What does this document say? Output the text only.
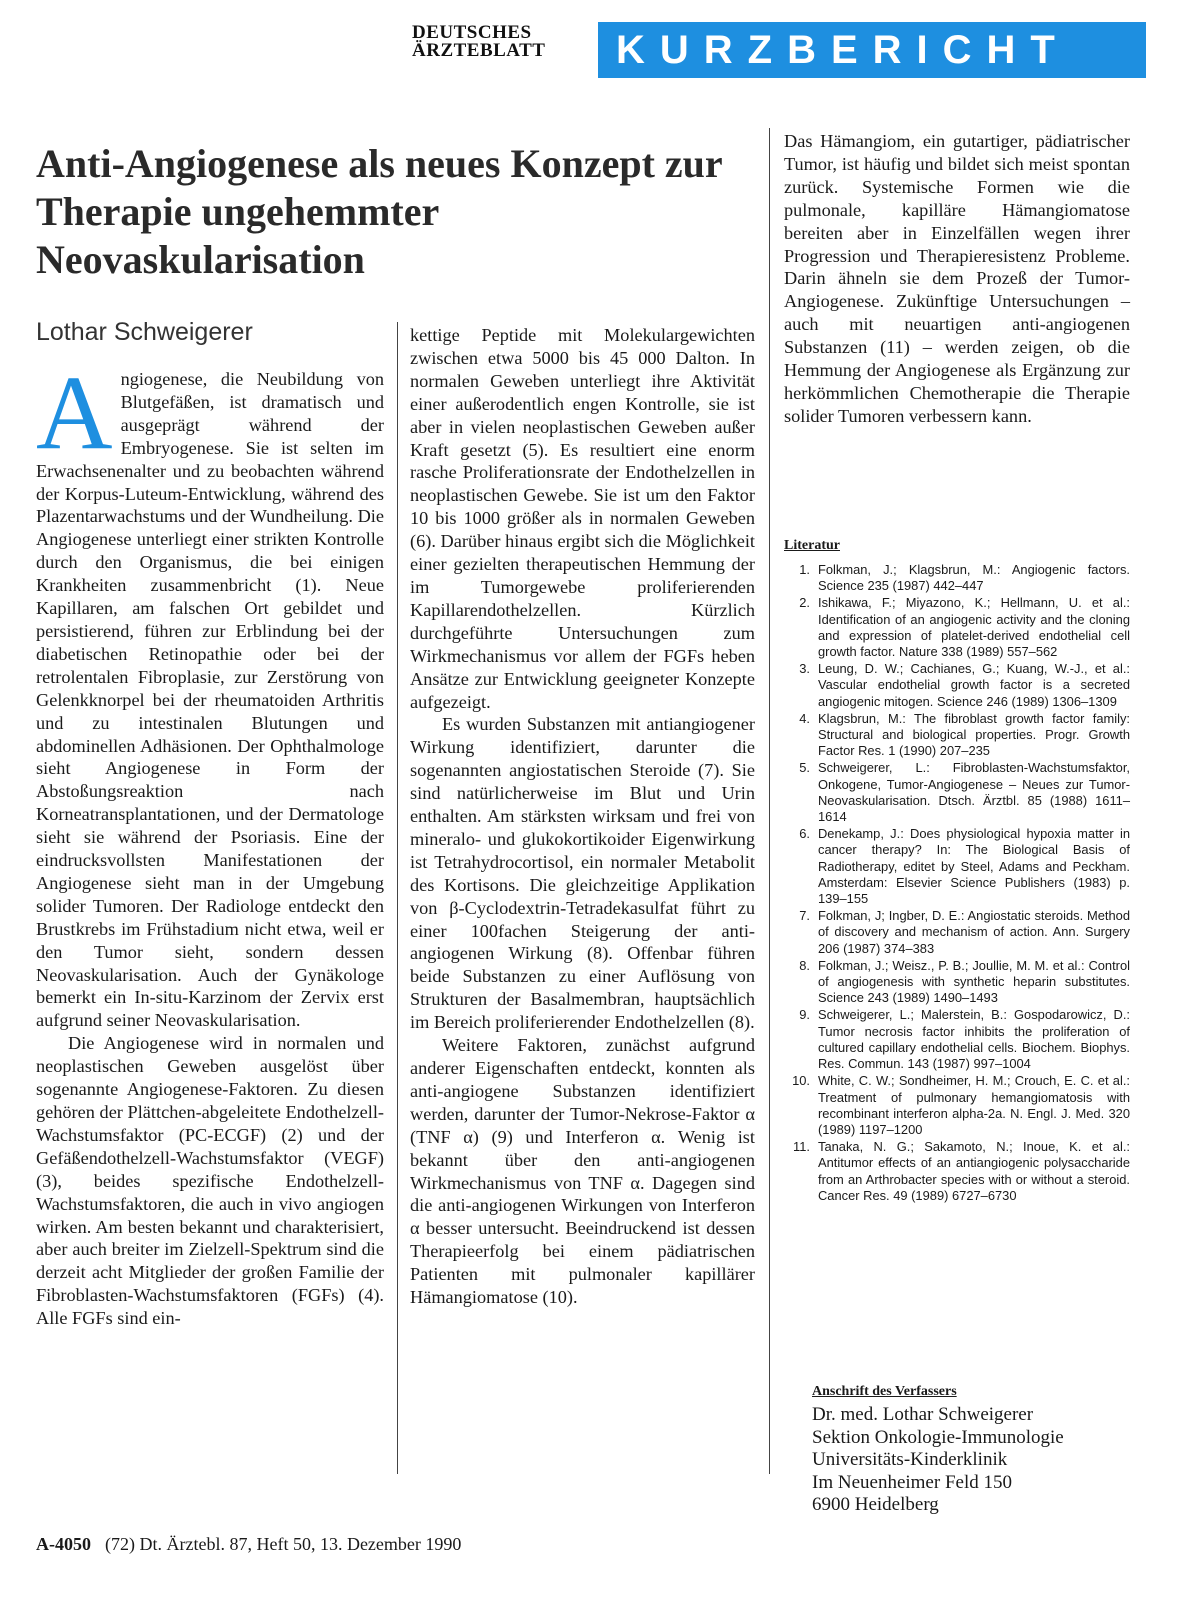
DEUTSCHES
ÄRZTEBLATT	KURZBERICHT
Anti-Angiogenese als neues Konzept zur Therapie ungehemmter Neovaskularisation
Lothar Schweigerer

Angiogenese, die Neubildung von Blutgefäßen, ist dramatisch und ausgeprägt während der Embryogenese. Sie ist selten im Erwachsenenalter und zu beobachten während der Korpus-Luteum-Entwicklung, während des Plazentarwachstums und der Wundheilung. Die Angiogenese unterliegt einer strikten Kontrolle durch den Organismus, die bei einigen Krankheiten zusammenbricht (1). Neue Kapillaren, am falschen Ort gebildet und persistierend, führen zur Erblindung bei der diabetischen Retinopathie oder bei der retrolentalen Fibroplasie, zur Zerstörung von Gelenkknorpel bei der rheumatoiden Arthritis und zu intestinalen Blutungen und abdominellen Adhäsionen. Der Ophthalmologe sieht Angiogenese in Form der Abstoßungsreaktion nach Korneatransplantationen, und der Dermatologe sieht sie während der Psoriasis. Eine der eindrucksvollsten Manifestationen der Angiogenese sieht man in der Umgebung solider Tumoren. Der Radiologe entdeckt den Brustkrebs im Frühstadium nicht etwa, weil er den Tumor sieht, sondern dessen Neovaskularisation. Auch der Gynäkologe bemerkt ein In-situ-Karzinom der Zervix erst aufgrund seiner Neovaskularisation.

Die Angiogenese wird in normalen und neoplastischen Geweben ausgelöst über sogenannte Angiogenese-Faktoren. Zu diesen gehören der Plättchen-abgeleitete Endothelzell-Wachstumsfaktor (PC-ECGF) (2) und der Gefäßendothelzell-Wachstumsfaktor (VEGF) (3), beides spezifische Endothelzell-Wachstumsfaktoren, die auch in vivo angiogen wirken. Am besten bekannt und charakterisiert, aber auch breiter im Zielzell-Spektrum sind die derzeit acht Mitglieder der großen Familie der Fibroblasten-Wachstumsfaktoren (FGFs) (4). Alle FGFs sind ein-

kettige Peptide mit Molekulargewichten zwischen etwa 5000 bis 45 000 Dalton. In normalen Geweben unterliegt ihre Aktivität einer außerodentlich engen Kontrolle, sie ist aber in vielen neoplastischen Geweben außer Kraft gesetzt (5). Es resultiert eine enorm rasche Proliferationsrate der Endothelzellen in neoplastischen Gewebe. Sie ist um den Faktor 10 bis 1000 größer als in normalen Geweben (6). Darüber hinaus ergibt sich die Möglichkeit einer gezielten therapeutischen Hemmung der im Tumorgewebe proliferierenden Kapillarendothelzellen. Kürzlich durchgeführte Untersuchungen zum Wirkmechanismus vor allem der FGFs heben Ansätze zur Entwicklung geeigneter Konzepte aufgezeigt.

Es wurden Substanzen mit antiangiogener Wirkung identifiziert, darunter die sogenannten angiostatischen Steroide (7). Sie sind natürlicherweise im Blut und Urin enthalten. Am stärksten wirksam und frei von mineralo- und glukokortikoider Eigenwirkung ist Tetrahydrocortisol, ein normaler Metabolit des Kortisons. Die gleichzeitige Applikation von β-Cyclodextrin-Tetradekasulfat führt zu einer 100fachen Steigerung der anti-angiogenen Wirkung (8). Offenbar führen beide Substanzen zu einer Auflösung von Strukturen der Basalmembran, hauptsächlich im Bereich proliferierender Endothelzellen (8).

Weitere Faktoren, zunächst aufgrund anderer Eigenschaften entdeckt, konnten als anti-angiogene Substanzen identifiziert werden, darunter der Tumor-Nekrose-Faktor α (TNF α) (9) und Interferon α. Wenig ist bekannt über den anti-angiogenen Wirkmechanismus von TNF α. Dagegen sind die anti-angiogenen Wirkungen von Interferon α besser untersucht. Beeindruckend ist dessen Therapieerfolg bei einem pädiatrischen Patienten mit pulmonaler kapillärer Hämangiomatose (10).

Das Hämangiom, ein gutartiger, pädiatrischer Tumor, ist häufig und bildet sich meist spontan zurück. Systemische Formen wie die pulmonale, kapilläre Hämangiomatose bereiten aber in Einzelfällen wegen ihrer Progression und Therapieresistenz Probleme. Darin ähneln sie dem Prozeß der Tumor-Angiogenese. Zukünftige Untersuchungen – auch mit neuartigen anti-angiogenen Substanzen (11) – werden zeigen, ob die Hemmung der Angiogenese als Ergänzung zur herkömmlichen Chemotherapie die Therapie solider Tumoren verbessern kann.

Literatur
1. Folkman, J.; Klagsbrun, M.: Angiogenic factors. Science 235 (1987) 442–447
2. Ishikawa, F.; Miyazono, K.; Hellmann, U. et al.: Identification of an angiogenic activity and the cloning and expression of platelet-derived endothelial cell growth factor. Nature 338 (1989) 557–562
3. Leung, D. W.; Cachianes, G.; Kuang, W.-J., et al.: Vascular endothelial growth factor is a secreted angiogenic mitogen. Science 246 (1989) 1306–1309
4. Klagsbrun, M.: The fibroblast growth factor family: Structural and biological properties. Progr. Growth Factor Res. 1 (1990) 207–235
5. Schweigerer, L.: Fibroblasten-Wachstumsfaktor, Onkogene, Tumor-Angiogenese – Neues zur Tumor-Neovaskularisation. Dtsch. Ärztbl. 85 (1988) 1611–1614
6. Denekamp, J.: Does physiological hypoxia matter in cancer therapy? In: The Biological Basis of Radiotherapy, editet by Steel, Adams and Peckham. Amsterdam: Elsevier Science Publishers (1983) p. 139–155
7. Folkman, J; Ingber, D. E.: Angiostatic steroids. Method of discovery and mechanism of action. Ann. Surgery 206 (1987) 374–383
8. Folkman, J.; Weisz., P. B.; Joullie, M. M. et al.: Control of angiogenesis with synthetic heparin substitutes. Science 243 (1989) 1490–1493
9. Schweigerer, L.; Malerstein, B.: Gospodarowicz, D.: Tumor necrosis factor inhibits the proliferation of cultured capillary endothelial cells. Biochem. Biophys. Res. Commun. 143 (1987) 997–1004
10. White, C. W.; Sondheimer, H. M.; Crouch, E. C. et al.: Treatment of pulmonary hemangiomatosis with recombinant interferon alpha-2a. N. Engl. J. Med. 320 (1989) 1197–1200
11. Tanaka, N. G.; Sakamoto, N.; Inoue, K. et al.: Antitumor effects of an antiangiogenic polysaccharide from an Arthrobacter species with or without a steroid. Cancer Res. 49 (1989) 6727–6730
Anschrift des Verfassers
Dr. med. Lothar Schweigerer
Sektion Onkologie-Immunologie
Universitäts-Kinderklinik
Im Neuenheimer Feld 150
6900 Heidelberg
A-4050 (72) Dt. Ärztebl. 87, Heft 50, 13. Dezember 1990
